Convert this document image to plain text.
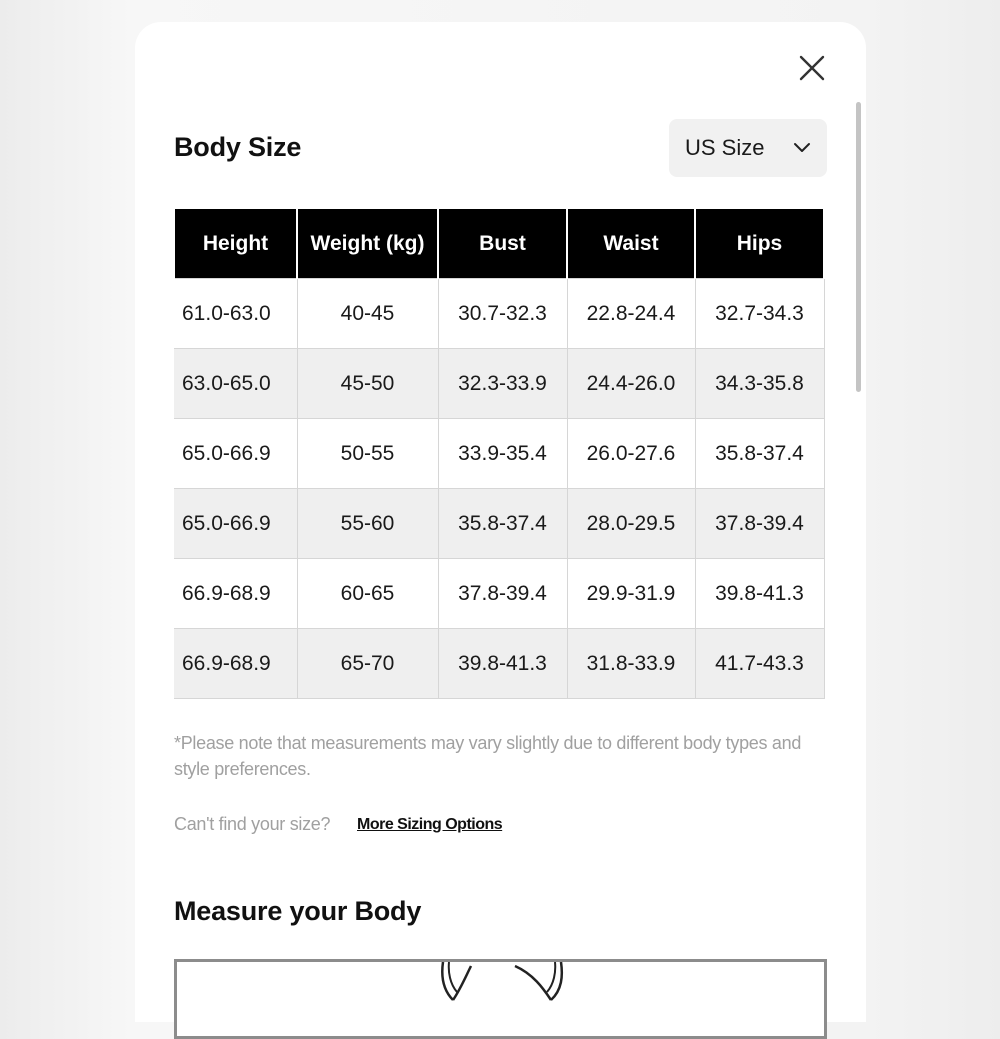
Body Size	US Size
Height	Weight (kg)	Bust	Waist	Hips
61.0-63.0	40-45	30.7-32.3	22.8-24.4	32.7-34.3
63.0-65.0	45-50	32.3-33.9	24.4-26.0	34.3-35.8
65.0-66.9	50-55	33.9-35.4	26.0-27.6	35.8-37.4
65.0-66.9	55-60	35.8-37.4	28.0-29.5	37.8-39.4
66.9-68.9	60-65	37.8-39.4	29.9-31.9	39.8-41.3
66.9-68.9	65-70	39.8-41.3	31.8-33.9	41.7-43.3

*Please note that measurements may vary slightly due to different body types and style preferences.

Can't find your size? More Sizing Options
Measure your Body
